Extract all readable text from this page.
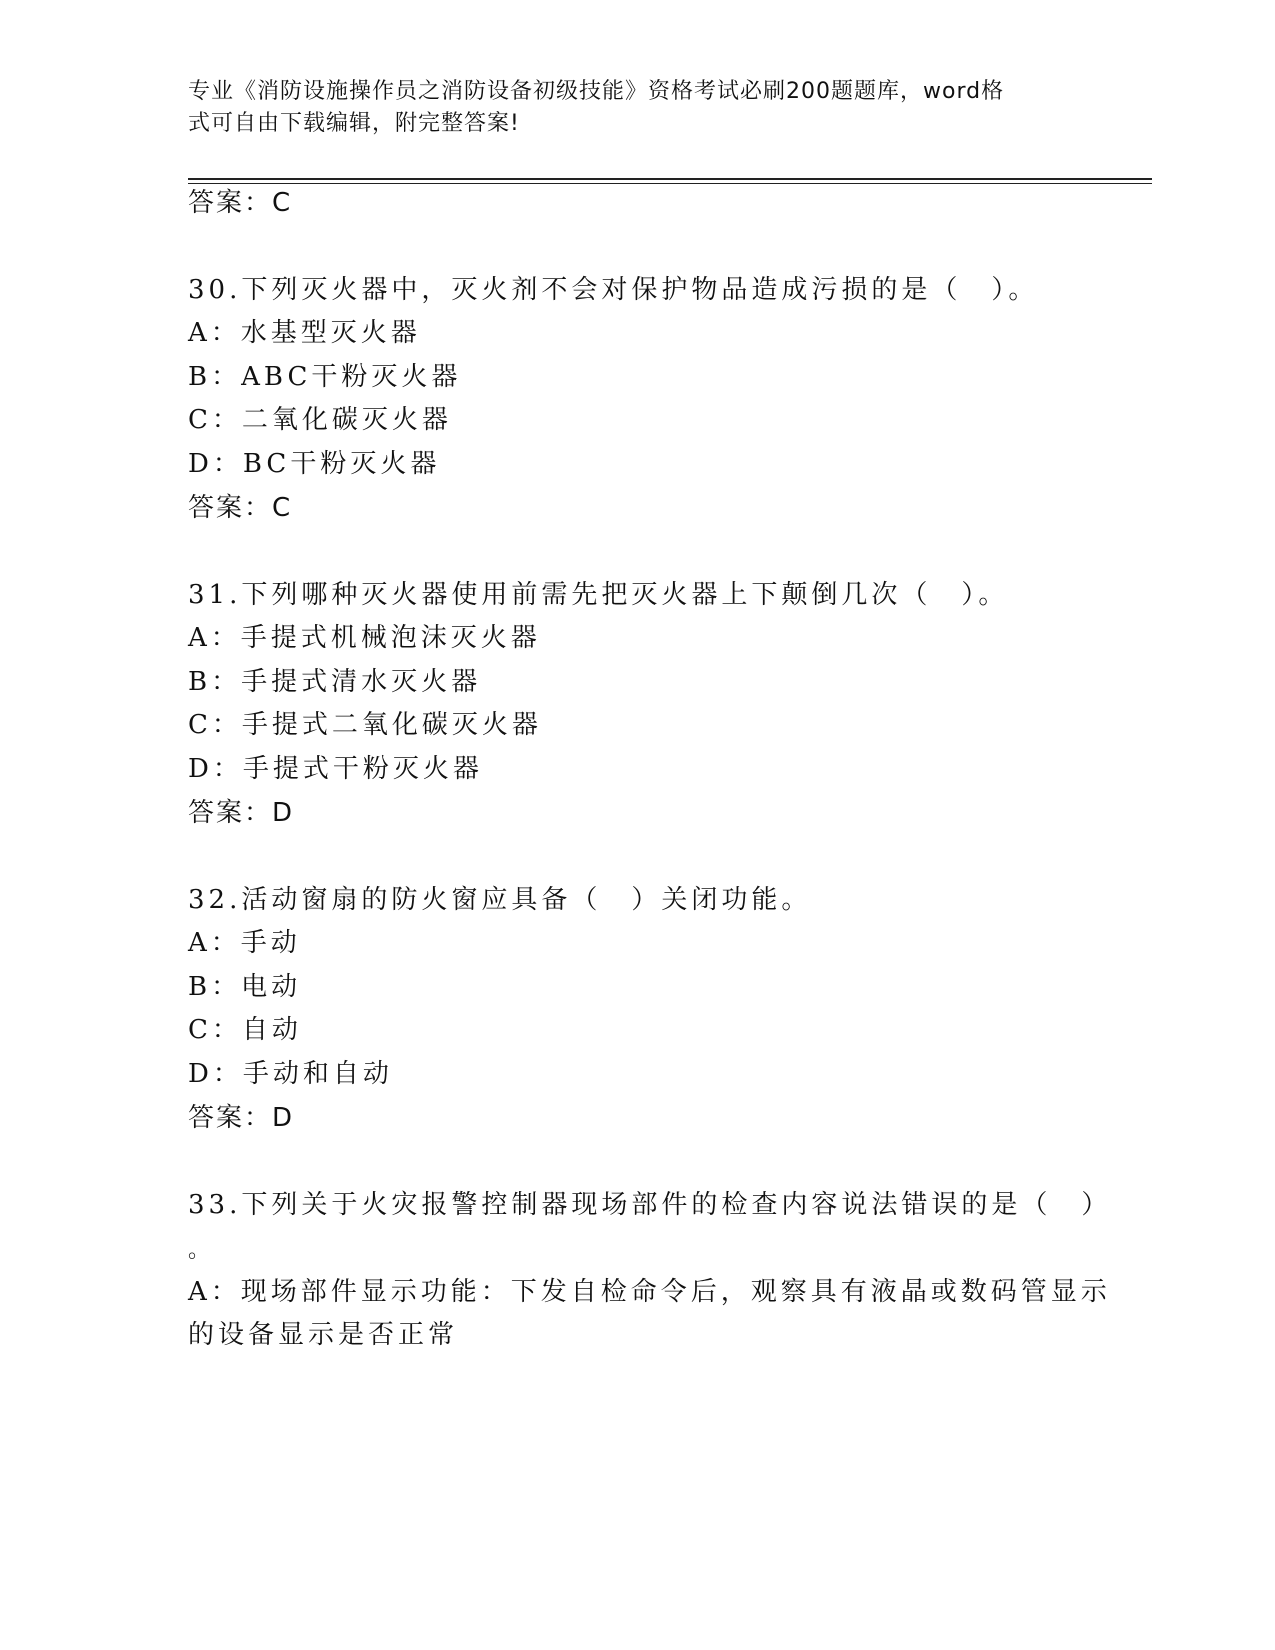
专业《消防设施操作员之消防设备初级技能》资格考试必刷200题题库，word格
式可自由下载编辑，附完整答案!
答案：C
30.下列灭火器中，灭火剂不会对保护物品造成污损的是（　）。
A：水基型灭火器
B：ABC干粉灭火器
C：二氧化碳灭火器
D：BC干粉灭火器
答案：C
31.下列哪种灭火器使用前需先把灭火器上下颠倒几次（　）。
A：手提式机械泡沫灭火器
B：手提式清水灭火器
C：手提式二氧化碳灭火器
D：手提式干粉灭火器
答案：D
32.活动窗扇的防火窗应具备（　）关闭功能。
A：手动
B：电动
C：自动
D：手动和自动
答案：D
33.下列关于火灾报警控制器现场部件的检查内容说法错误的是（　）
。
A：现场部件显示功能：下发自检命令后，观察具有液晶或数码管显示
的设备显示是否正常
